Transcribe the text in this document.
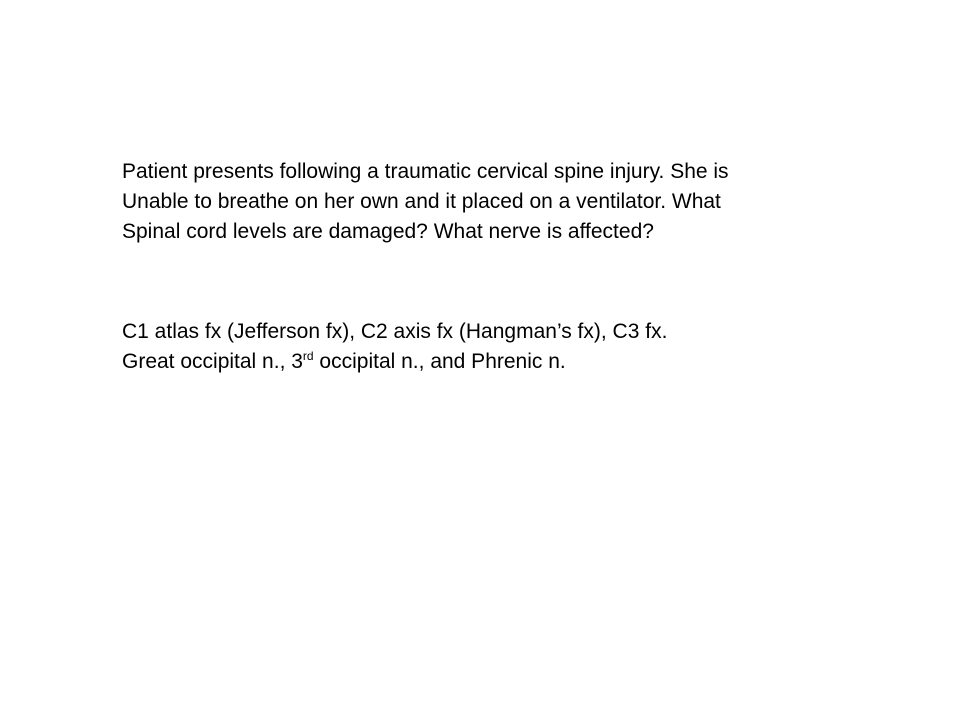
Patient presents following a traumatic cervical spine injury. She is
Unable to breathe on her own and it placed on a ventilator. What
Spinal cord levels are damaged? What nerve is affected?
C1 atlas fx (Jefferson fx), C2 axis fx (Hangman’s fx), C3 fx.
Great occipital n., 3rd occipital n., and Phrenic n.
